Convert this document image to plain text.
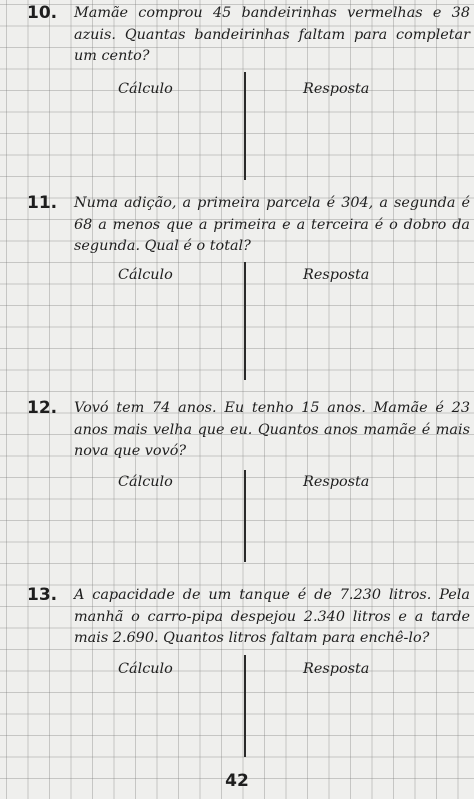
10. Mamãe comprou 45 bandeirinhas vermelhas e 38 azuis. Quantas bandeirinhas faltam para completar um cento?
Cálculo	Resposta
11. Numa adição, a primeira parcela é 304, a segunda é 68 a menos que a primeira e a terceira é o dobro da segunda. Qual é o total?
Cálculo	Resposta
12. Vovó tem 74 anos. Eu tenho 15 anos. Mamãe é 23 anos mais velha que eu. Quantos anos mamãe é mais nova que vovó?
Cálculo	Resposta
13. A capacidade de um tanque é de 7.230 litros. Pela manhã o carro-pipa despejou 2.340 litros e a tarde mais 2.690. Quantos litros faltam para enchê-lo?
Cálculo	Resposta
42
